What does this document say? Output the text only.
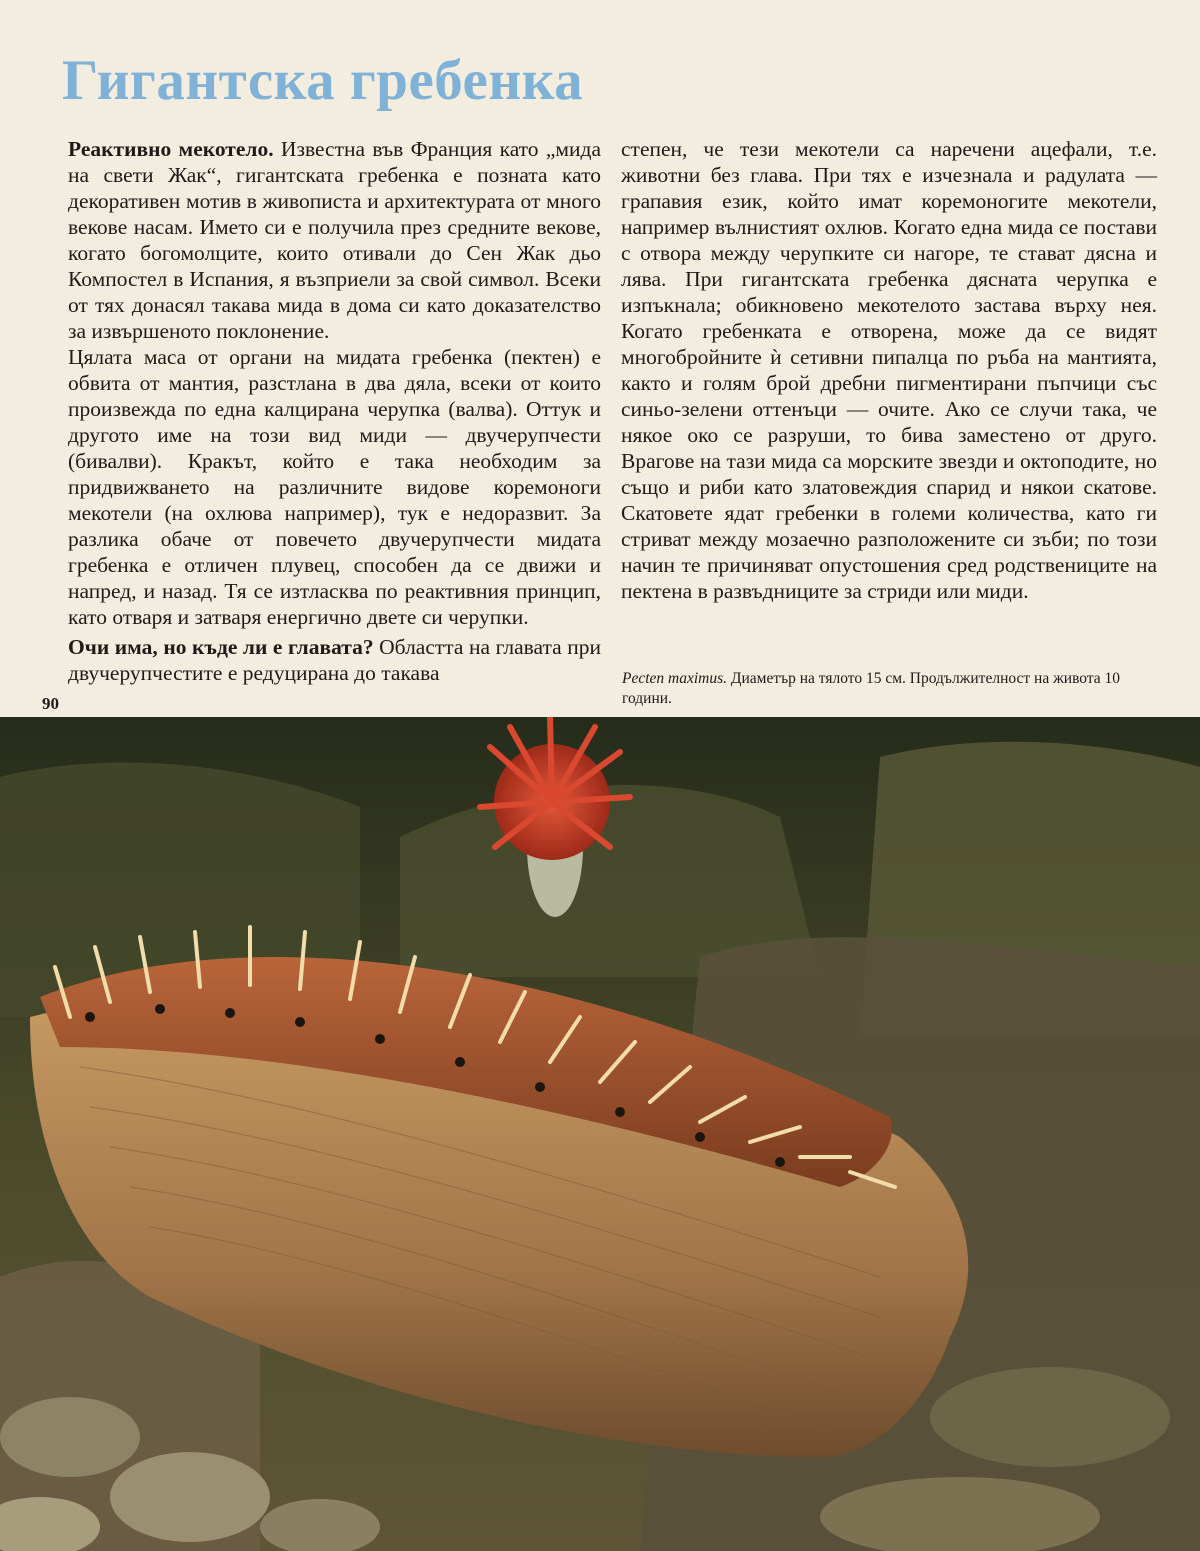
Гигантска гребенка

Реактивно мекотело. Известна във Франция като „мида на свети Жак“, гигантската гребенка е позната като декоративен мотив в живописта и архитектурата от много векове насам. Името си е получила през средните векове, когато богомолците, които отивали до Сен Жак дьо Компостел в Испания, я възприели за свой символ. Всеки от тях донасял такава мида в дома си като доказателство за извършеното поклонение.

Цялата маса от органи на мидата гребенка (пектен) е обвита от мантия, разстлана в два дяла, всеки от които произвежда по една калцирана черупка (валва). Оттук и другото име на този вид миди — двучерупчести (бивалви). Кракът, който е така необходим за придвижването на различните видове коремоноги мекотели (на охлюва например), тук е недоразвит. За разлика обаче от повечето двучерупчести мидата гребенка е отличен плувец, способен да се движи и напред, и назад. Тя се изтласква по реактивния принцип, като отваря и затваря енергично двете си черупки.

Очи има, но къде ли е главата? Областта на главата при двучерупчестите е редуцирана до такава

степен, че тези мекотели са наречени ацефали, т.е. животни без глава. При тях е изчезнала и радулата — грапавия език, който имат коремоногите мекотели, например вълнистият охлюв. Когато една мида се постави с отвора между черупките си нагоре, те стават дясна и лява. При гигантската гребенка дясната черупка е изпъкнала; обикновено мекотелото застава върху нея. Когато гребенката е отворена, може да се видят многобройните ѝ сетивни пипалца по ръба на мантията, както и голям брой дребни пигментирани пъпчици със синьо-зелени оттенъци — очите. Ако се случи така, че някое око се разруши, то бива заместено от друго. Врагове на тази мида са морските звезди и октоподите, но също и риби като златовеждия спарид и някои скатове. Скатовете ядат гребенки в големи количества, като ги стриват между мозаечно разположените си зъби; по този начин те причиняват опустошения сред родствениците на пектена в развъдниците за стриди или миди.

90

Pecten maximus. Диаметър на тялото 15 см. Продължителност на живота 10 години.
